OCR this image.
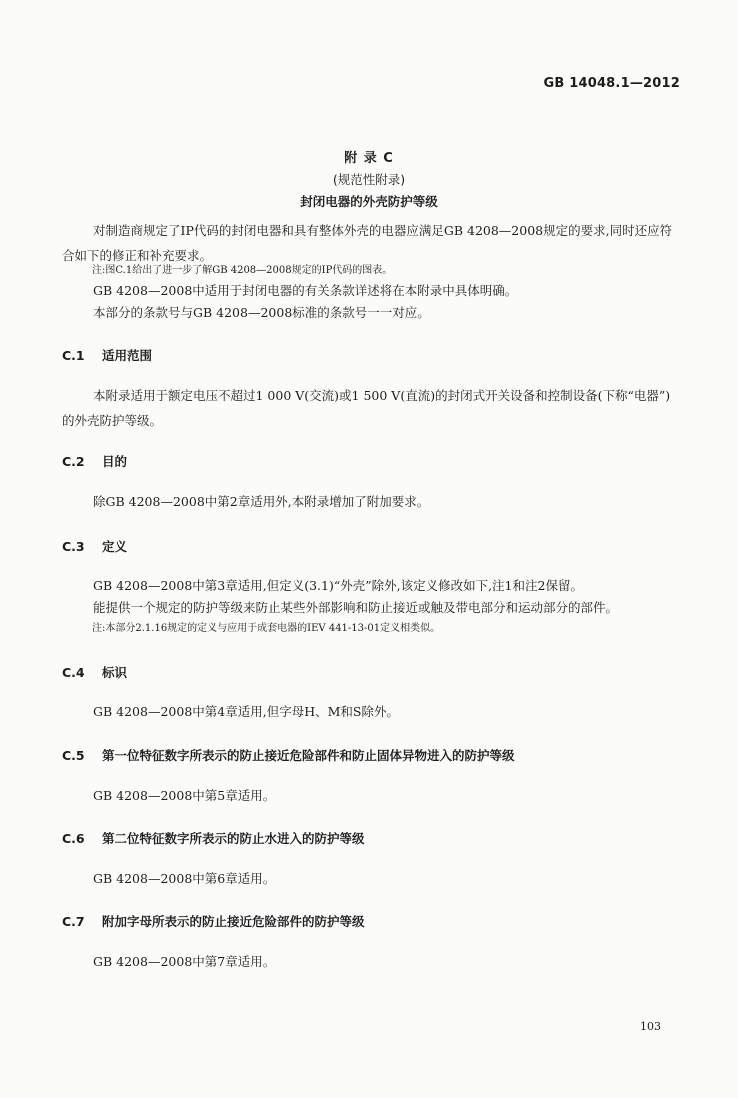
GB 14048.1—2012
附 录 C
(规范性附录)
封闭电器的外壳防护等级

对制造商规定了IP代码的封闭电器和具有整体外壳的电器应满足GB 4208—2008规定的要求,同时还应符合如下的修正和补充要求。

注:图C.1给出了进一步了解GB 4208—2008规定的IP代码的图表。

GB 4208—2008中适用于封闭电器的有关条款详述将在本附录中具体明确。

本部分的条款号与GB 4208—2008标准的条款号一一对应。

C.1 适用范围

本附录适用于额定电压不超过1 000 V(交流)或1 500 V(直流)的封闭式开关设备和控制设备(下称“电器”)的外壳防护等级。

C.2 目的

除GB 4208—2008中第2章适用外,本附录增加了附加要求。

C.3 定义

GB 4208—2008中第3章适用,但定义(3.1)“外壳”除外,该定义修改如下,注1和注2保留。

能提供一个规定的防护等级来防止某些外部影响和防止接近或触及带电部分和运动部分的部件。

注:本部分2.1.16规定的定义与应用于成套电器的IEV 441-13-01定义相类似。

C.4 标识

GB 4208—2008中第4章适用,但字母H、M和S除外。

C.5 第一位特征数字所表示的防止接近危险部件和防止固体异物进入的防护等级

GB 4208—2008中第5章适用。

C.6 第二位特征数字所表示的防止水进入的防护等级

GB 4208—2008中第6章适用。

C.7 附加字母所表示的防止接近危险部件的防护等级

GB 4208—2008中第7章适用。

103
